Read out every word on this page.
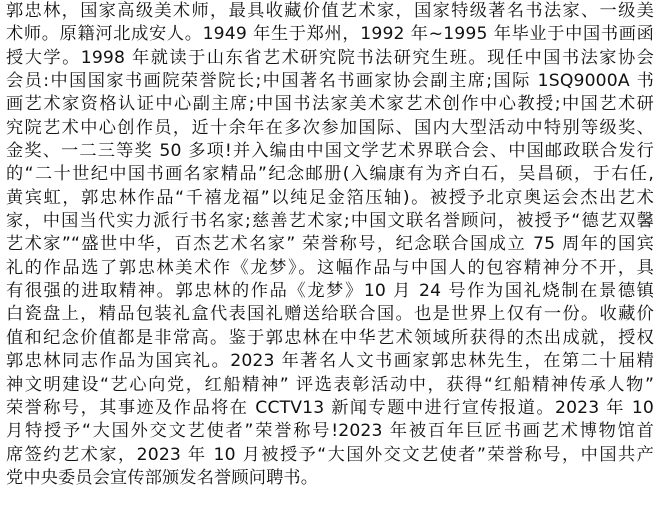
郭忠林，国家高级美术师，最具收藏价值艺术家，国家特级著名书法家、一级美
术师。原籍河北成安人。1949 年生于郑州，1992 年~1995 年毕业于中国书画函
授大学。1998 年就读于山东省艺术研究院书法研究生班。现任中国书法家协会
会员:中国国家书画院荣誉院长;中国著名书画家协会副主席;国际 1SQ9000A 书
画艺术家资格认证中心副主席;中国书法家美术家艺术创作中心教授;中国艺术研
究院艺术中心创作员，近十余年在多次参加国际、国内大型活动中特别等级奖、
金奖、一二三等奖 50 多项!并入编由中国文学艺术界联合会、中国邮政联合发行
的“二十世纪中国书画名家精品”纪念邮册(入编康有为齐白石，吴昌硕，于右任,
黄宾虹，郭忠林作品“千禧龙福”以纯足金箔压轴)。被授予北京奥运会杰出艺术
家，中国当代实力派行书名家;慈善艺术家;中国文联名誉顾问，被授予“德艺双馨
艺术家”“盛世中华，百杰艺术名家” 荣誉称号，纪念联合国成立 75 周年的国宾
礼的作品选了郭忠林美术作《龙梦》。这幅作品与中国人的包容精神分不开，具
有很强的进取精神。郭忠林的作品《龙梦》10 月 24 号作为国礼烧制在景德镇
白瓷盘上，精品包装礼盒代表国礼赠送给联合国。也是世界上仅有一份。收藏价
值和纪念价值都是非常高。鉴于郭忠林在中华艺术领域所获得的杰出成就，授权
郭忠林同志作品为国宾礼。2023 年著名人文书画家郭忠林先生，在第二十届精
神文明建设“艺心向党，红船精神” 评选表彰活动中，获得“红船精神传承人物”
荣誉称号，其事迹及作品将在 CCTV13 新闻专题中进行宣传报道。2023 年 10
月特授予“大国外交文艺使者”荣誉称号!2023 年被百年巨匠书画艺术博物馆首
席签约艺术家，2023 年 10 月被授予“大国外交文艺使者”荣誉称号，中国共产
党中央委员会宣传部颁发名誉顾问聘书。
